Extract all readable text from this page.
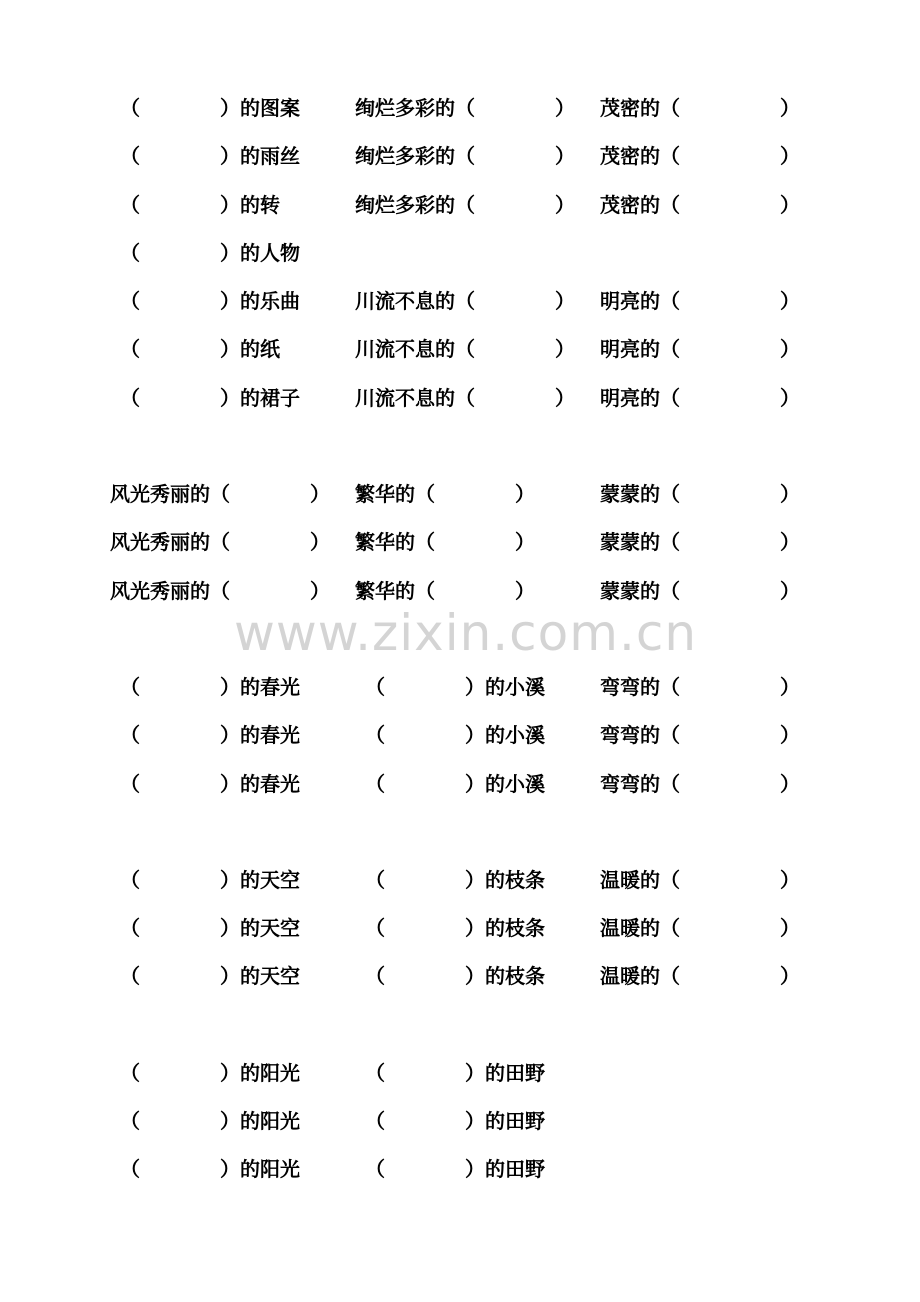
www.zixin.com.cn
（　　　　）的图案	绚烂多彩的（　　　　） 茂密的（　　　　　）
（　　　　）的雨丝	绚烂多彩的（　　　　） 茂密的（　　　　　）
（　　　　）的转	绚烂多彩的（　　　　） 茂密的（　　　　　）
（　　　　）的人物
（　　　　）的乐曲	川流不息的（　　　　） 明亮的（　　　　　）
（　　　　）的纸	川流不息的（　　　　） 明亮的（　　　　　）
（　　　　）的裙子	川流不息的（　　　　） 明亮的（　　　　　）
风光秀丽的（　　　　） 繁华的（　　　　）	蒙蒙的（　　　　　）
风光秀丽的（　　　　） 繁华的（　　　　）	蒙蒙的（　　　　　）
风光秀丽的（　　　　） 繁华的（　　　　）	蒙蒙的（　　　　　）
（　　　　）的春光	（　　　　）的小溪	弯弯的（　　　　　）
（　　　　）的春光	（　　　　）的小溪	弯弯的（　　　　　）
（　　　　）的春光	（　　　　）的小溪	弯弯的（　　　　　）
（　　　　）的天空	（　　　　）的枝条	温暖的（　　　　　）
（　　　　）的天空	（　　　　）的枝条	温暖的（　　　　　）
（　　　　）的天空	（　　　　）的枝条	温暖的（　　　　　）
（　　　　）的阳光	（　　　　）的田野
（　　　　）的阳光	（　　　　）的田野
（　　　　）的阳光	（　　　　）的田野
